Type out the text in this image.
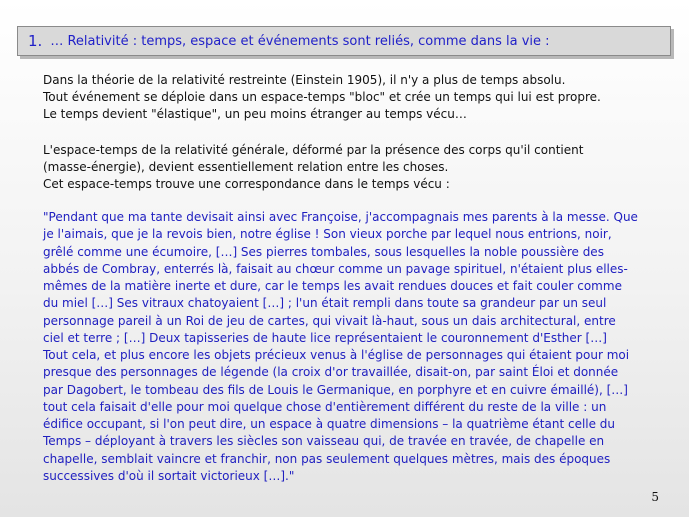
1. … Relativité : temps, espace et événements sont reliés, comme dans la vie :

Dans la théorie de la relativité restreinte (Einstein 1905), il n'y a plus de temps absolu.
Tout événement se déploie dans un espace-temps "bloc" et crée un temps qui lui est propre.
Le temps devient "élastique", un peu moins étranger au temps vécu…

L'espace-temps de la relativité générale, déformé par la présence des corps qu'il contient
(masse-énergie), devient essentiellement relation entre les choses.
Cet espace-temps trouve une correspondance dans le temps vécu :

"Pendant que ma tante devisait ainsi avec Françoise, j'accompagnais mes parents à la messe. Que
je l'aimais, que je la revois bien, notre église ! Son vieux porche par lequel nous entrions, noir,
grêlé comme une écumoire, […] Ses pierres tombales, sous lesquelles la noble poussière des
abbés de Combray, enterrés là, faisait au chœur comme un pavage spirituel, n'étaient plus elles-
mêmes de la matière inerte et dure, car le temps les avait rendues douces et fait couler comme
du miel […] Ses vitraux chatoyaient […] ; l'un était rempli dans toute sa grandeur par un seul
personnage pareil à un Roi de jeu de cartes, qui vivait là-haut, sous un dais architectural, entre
ciel et terre ; […] Deux tapisseries de haute lice représentaient le couronnement d'Esther […]
Tout cela, et plus encore les objets précieux venus à l'église de personnages qui étaient pour moi
presque des personnages de légende (la croix d'or travaillée, disait-on, par saint Éloi et donnée
par Dagobert, le tombeau des fils de Louis le Germanique, en porphyre et en cuivre émaillé), […]
tout cela faisait d'elle pour moi quelque chose d'entièrement différent du reste de la ville : un
édifice occupant, si l'on peut dire, un espace à quatre dimensions – la quatrième étant celle du
Temps – déployant à travers les siècles son vaisseau qui, de travée en travée, de chapelle en
chapelle, semblait vaincre et franchir, non pas seulement quelques mètres, mais des époques
successives d'où il sortait victorieux […]."

5
